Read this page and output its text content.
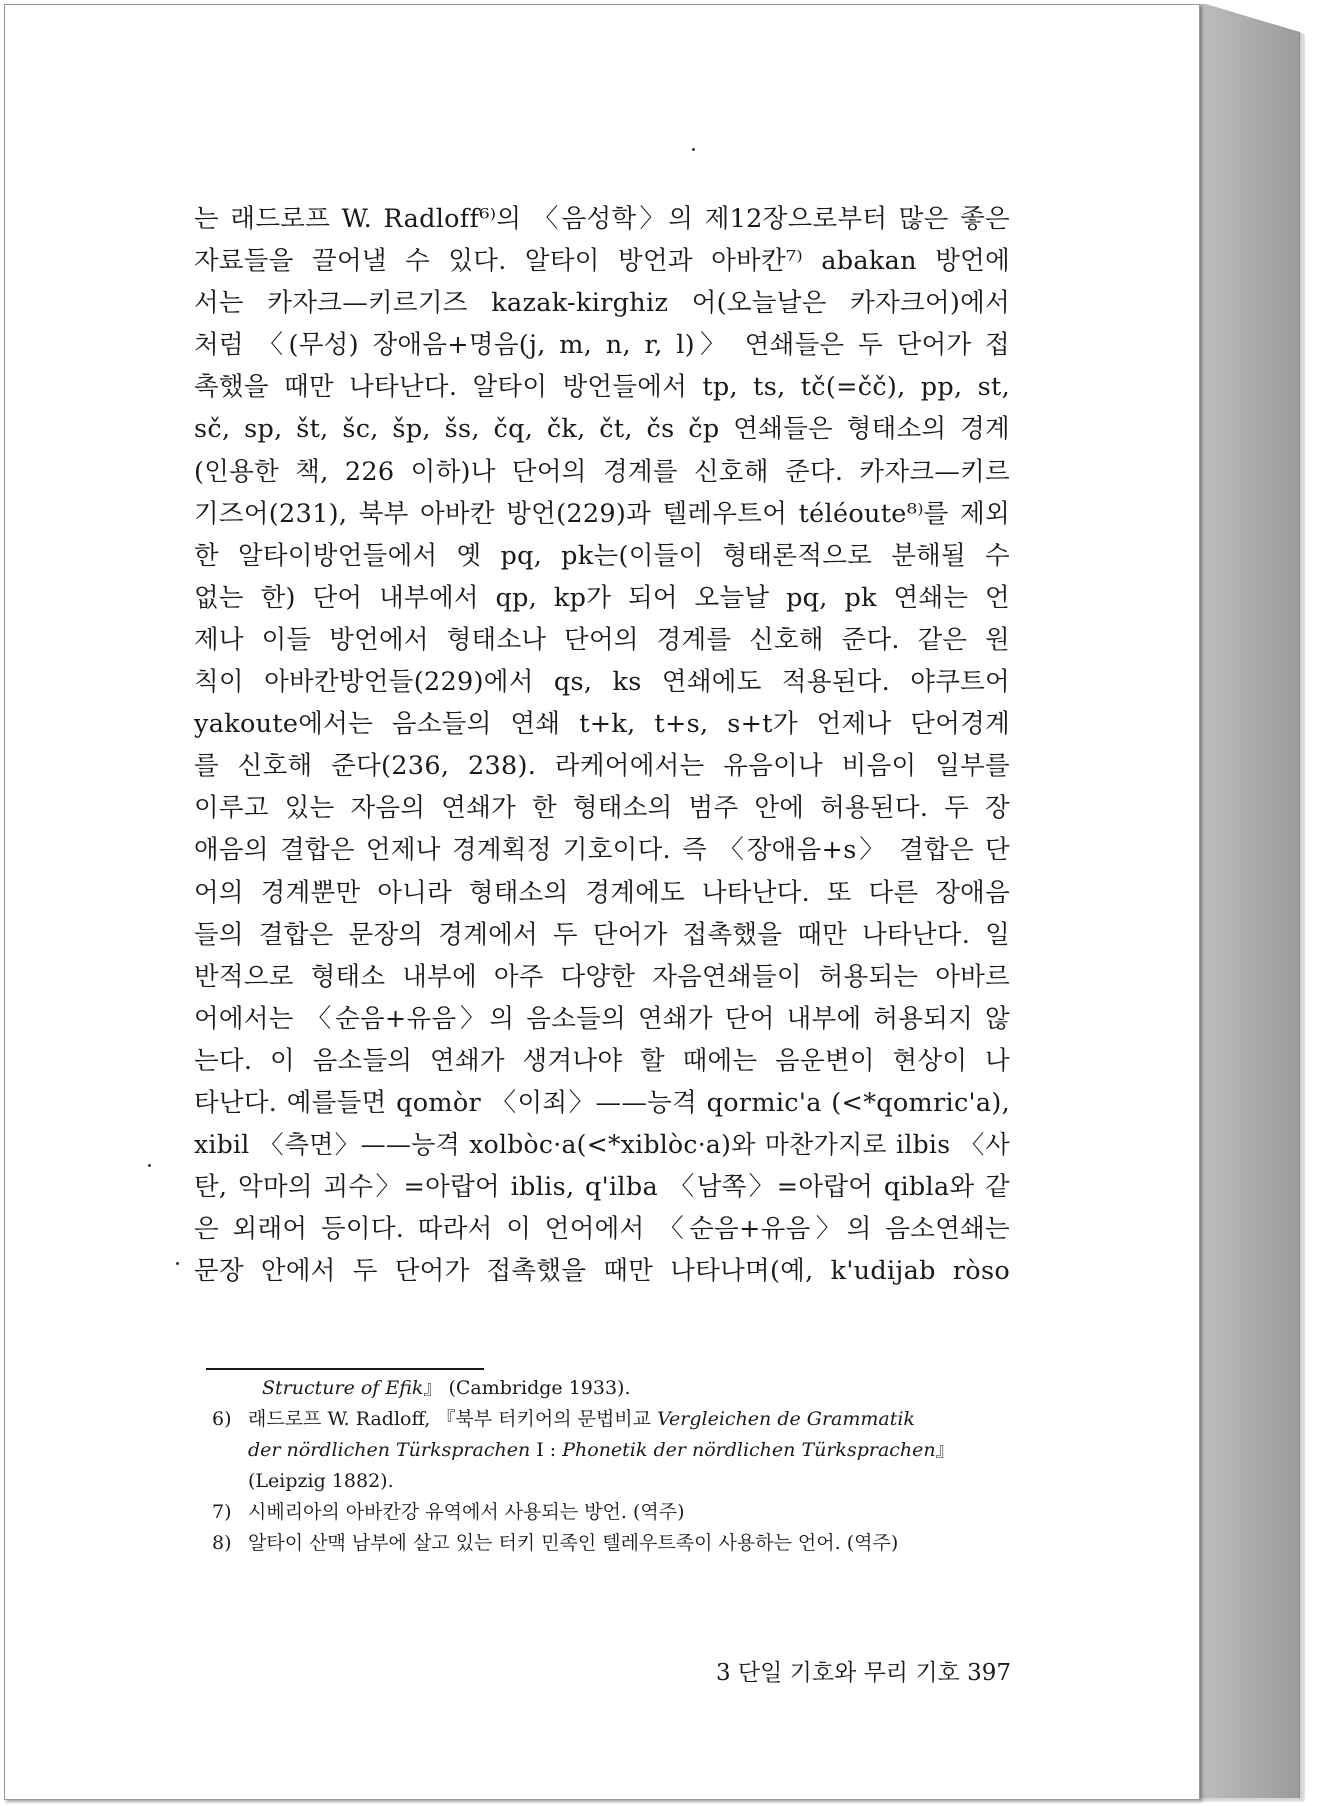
는 래드로프 W. Radloff⁶⁾의 〈음성학〉의 제12장으로부터 많은 좋은
자료들을 끌어낼 수 있다. 알타이 방언과 아바칸⁷⁾ abakan 방언에
서는 카자크—키르기즈 kazak-kirghiz 어(오늘날은 카자크어)에서
처럼 〈(무성) 장애음+명음(j, m, n, r, l)〉 연쇄들은 두 단어가 접
촉했을 때만 나타난다. 알타이 방언들에서 tp, ts, tč(=čč), pp, st,
sč, sp, št, šc, šp, šs, čq, čk, čt, čs čp 연쇄들은 형태소의 경계
(인용한 책, 226 이하)나 단어의 경계를 신호해 준다. 카자크—키르
기즈어(231), 북부 아바칸 방언(229)과 텔레우트어 téléoute⁸⁾를 제외
한 알타이방언들에서 옛 pq, pk는(이들이 형태론적으로 분해될 수
없는 한) 단어 내부에서 qp, kp가 되어 오늘날 pq, pk 연쇄는 언
제나 이들 방언에서 형태소나 단어의 경계를 신호해 준다. 같은 원
칙이 아바칸방언들(229)에서 qs, ks 연쇄에도 적용된다. 야쿠트어
yakoute에서는 음소들의 연쇄 t+k, t+s, s+t가 언제나 단어경계
를 신호해 준다(236, 238). 라케어에서는 유음이나 비음이 일부를
이루고 있는 자음의 연쇄가 한 형태소의 범주 안에 허용된다. 두 장
애음의 결합은 언제나 경계획정 기호이다. 즉 〈장애음+s〉 결합은 단
어의 경계뿐만 아니라 형태소의 경계에도 나타난다. 또 다른 장애음
들의 결합은 문장의 경계에서 두 단어가 접촉했을 때만 나타난다. 일
반적으로 형태소 내부에 아주 다양한 자음연쇄들이 허용되는 아바르
어에서는 〈순음+유음〉의 음소들의 연쇄가 단어 내부에 허용되지 않
는다. 이 음소들의 연쇄가 생겨나야 할 때에는 음운변이 현상이 나
타난다. 예를들면 qomòr 〈이죄〉——능격 qormic'a (<*qomric'a),
xibil 〈측면〉——능격 xolbòc·a(<*xiblòc·a)와 마찬가지로 ilbis 〈사
탄, 악마의 괴수〉=아랍어 iblis, q'ilba 〈남쪽〉=아랍어 qibla와 같
은 외래어 등이다. 따라서 이 언어에서 〈순음+유음〉의 음소연쇄는
문장 안에서 두 단어가 접촉했을 때만 나타나며(예, k'udijab ròso
Structure of Efik』 (Cambridge 1933).
6) 래드로프 W. Radloff, 『북부 터키어의 문법비교 Vergleichen de Grammatik
der nördlichen Türksprachen Ⅰ : Phonetik der nördlichen Türksprachen』
(Leipzig 1882).
7) 시베리아의 아바칸강 유역에서 사용되는 방언. (역주)
8) 알타이 산맥 남부에 살고 있는 터키 민족인 텔레우트족이 사용하는 언어. (역주)
3 단일 기호와 무리 기호 397
